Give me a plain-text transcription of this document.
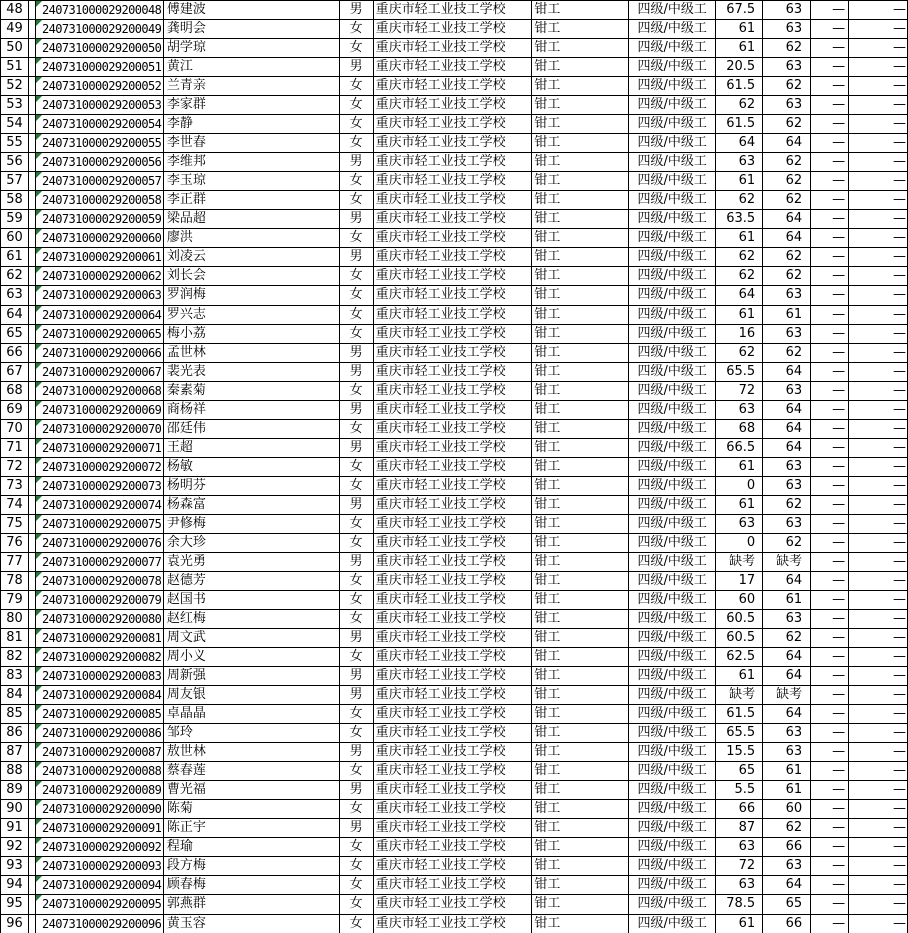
48	240731000029200048 傅建波	男 重庆市轻工业技工学校	钳工	四级/中级工	67.5	63	—	—
49	240731000029200049 龚明会	女 重庆市轻工业技工学校	钳工	四级/中级工	61	63	—	—
50	240731000029200050 胡学琼	女 重庆市轻工业技工学校	钳工	四级/中级工	61	62	—	—
51	240731000029200051 黄江	男 重庆市轻工业技工学校	钳工	四级/中级工	20.5	63	—	—
52	240731000029200052 兰青亲	女 重庆市轻工业技工学校	钳工	四级/中级工	61.5	62	—	—
53	240731000029200053 李家群	女 重庆市轻工业技工学校	钳工	四级/中级工	62	63	—	—
54	240731000029200054 李静	女 重庆市轻工业技工学校	钳工	四级/中级工	61.5	62	—	—
55	240731000029200055 李世春	女 重庆市轻工业技工学校	钳工	四级/中级工	64	64	—	—
56	240731000029200056 李维邦	男 重庆市轻工业技工学校	钳工	四级/中级工	63	62	—	—
57	240731000029200057 李玉琼	女 重庆市轻工业技工学校	钳工	四级/中级工	61	62	—	—
58	240731000029200058 李正群	女 重庆市轻工业技工学校	钳工	四级/中级工	62	62	—	—
59	240731000029200059 梁品超	男 重庆市轻工业技工学校	钳工	四级/中级工	63.5	64	—	—
60	240731000029200060 廖洪	女 重庆市轻工业技工学校	钳工	四级/中级工	61	64	—	—
61	240731000029200061 刘凌云	男 重庆市轻工业技工学校	钳工	四级/中级工	62	62	—	—
62	240731000029200062 刘长会	女 重庆市轻工业技工学校	钳工	四级/中级工	62	62	—	—
63	240731000029200063 罗润梅	女 重庆市轻工业技工学校	钳工	四级/中级工	64	63	—	—
64	240731000029200064 罗兴志	女 重庆市轻工业技工学校	钳工	四级/中级工	61	61	—	—
65	240731000029200065 梅小荔	女 重庆市轻工业技工学校	钳工	四级/中级工	16	63	—	—
66	240731000029200066 孟世林	男 重庆市轻工业技工学校	钳工	四级/中级工	62	62	—	—
67	240731000029200067 裴光表	男 重庆市轻工业技工学校	钳工	四级/中级工	65.5	64	—	—
68	240731000029200068 秦素菊	女 重庆市轻工业技工学校	钳工	四级/中级工	72	63	—	—
69	240731000029200069 商杨祥	男 重庆市轻工业技工学校	钳工	四级/中级工	63	64	—	—
70	240731000029200070 邵廷伟	女 重庆市轻工业技工学校	钳工	四级/中级工	68	64	—	—
71	240731000029200071 王超	男 重庆市轻工业技工学校	钳工	四级/中级工	66.5	64	—	—
72	240731000029200072 杨敏	女 重庆市轻工业技工学校	钳工	四级/中级工	61	63	—	—
73	240731000029200073 杨明芬	女 重庆市轻工业技工学校	钳工	四级/中级工	0	63	—	—
74	240731000029200074 杨森富	男 重庆市轻工业技工学校	钳工	四级/中级工	61	62	—	—
75	240731000029200075 尹修梅	女 重庆市轻工业技工学校	钳工	四级/中级工	63	63	—	—
76	240731000029200076 余大珍	女 重庆市轻工业技工学校	钳工	四级/中级工	0	62	—	—
77	240731000029200077 袁光勇	男 重庆市轻工业技工学校	钳工	四级/中级工	缺考	缺考	—	—
78	240731000029200078 赵德芳	女 重庆市轻工业技工学校	钳工	四级/中级工	17	64	—	—
79	240731000029200079 赵国书	女 重庆市轻工业技工学校	钳工	四级/中级工	60	61	—	—
80	240731000029200080 赵红梅	女 重庆市轻工业技工学校	钳工	四级/中级工	60.5	63	—	—
81	240731000029200081 周文武	男 重庆市轻工业技工学校	钳工	四级/中级工	60.5	62	—	—
82	240731000029200082 周小义	女 重庆市轻工业技工学校	钳工	四级/中级工	62.5	64	—	—
83	240731000029200083 周新强	男 重庆市轻工业技工学校	钳工	四级/中级工	61	64	—	—
84	240731000029200084 周友银	男 重庆市轻工业技工学校	钳工	四级/中级工	缺考	缺考	—	—
85	240731000029200085 卓晶晶	女 重庆市轻工业技工学校	钳工	四级/中级工	61.5	64	—	—
86	240731000029200086 邹玲	女 重庆市轻工业技工学校	钳工	四级/中级工	65.5	63	—	—
87	240731000029200087 敖世林	男 重庆市轻工业技工学校	钳工	四级/中级工	15.5	63	—	—
88	240731000029200088 蔡春莲	女 重庆市轻工业技工学校	钳工	四级/中级工	65	61	—	—
89	240731000029200089 曹光福	男 重庆市轻工业技工学校	钳工	四级/中级工	5.5	61	—	—
90	240731000029200090 陈菊	女 重庆市轻工业技工学校	钳工	四级/中级工	66	60	—	—
91	240731000029200091 陈正宇	男 重庆市轻工业技工学校	钳工	四级/中级工	87	62	—	—
92	240731000029200092 程瑜	女 重庆市轻工业技工学校	钳工	四级/中级工	63	66	—	—
93	240731000029200093 段方梅	女 重庆市轻工业技工学校	钳工	四级/中级工	72	63	—	—
94	240731000029200094 顾春梅	女 重庆市轻工业技工学校	钳工	四级/中级工	63	64	—	—
95	240731000029200095 郭燕群	女 重庆市轻工业技工学校	钳工	四级/中级工	78.5	65	—	—
96	240731000029200096 黄玉容	女 重庆市轻工业技工学校	钳工	四级/中级工	61	66	—	—
